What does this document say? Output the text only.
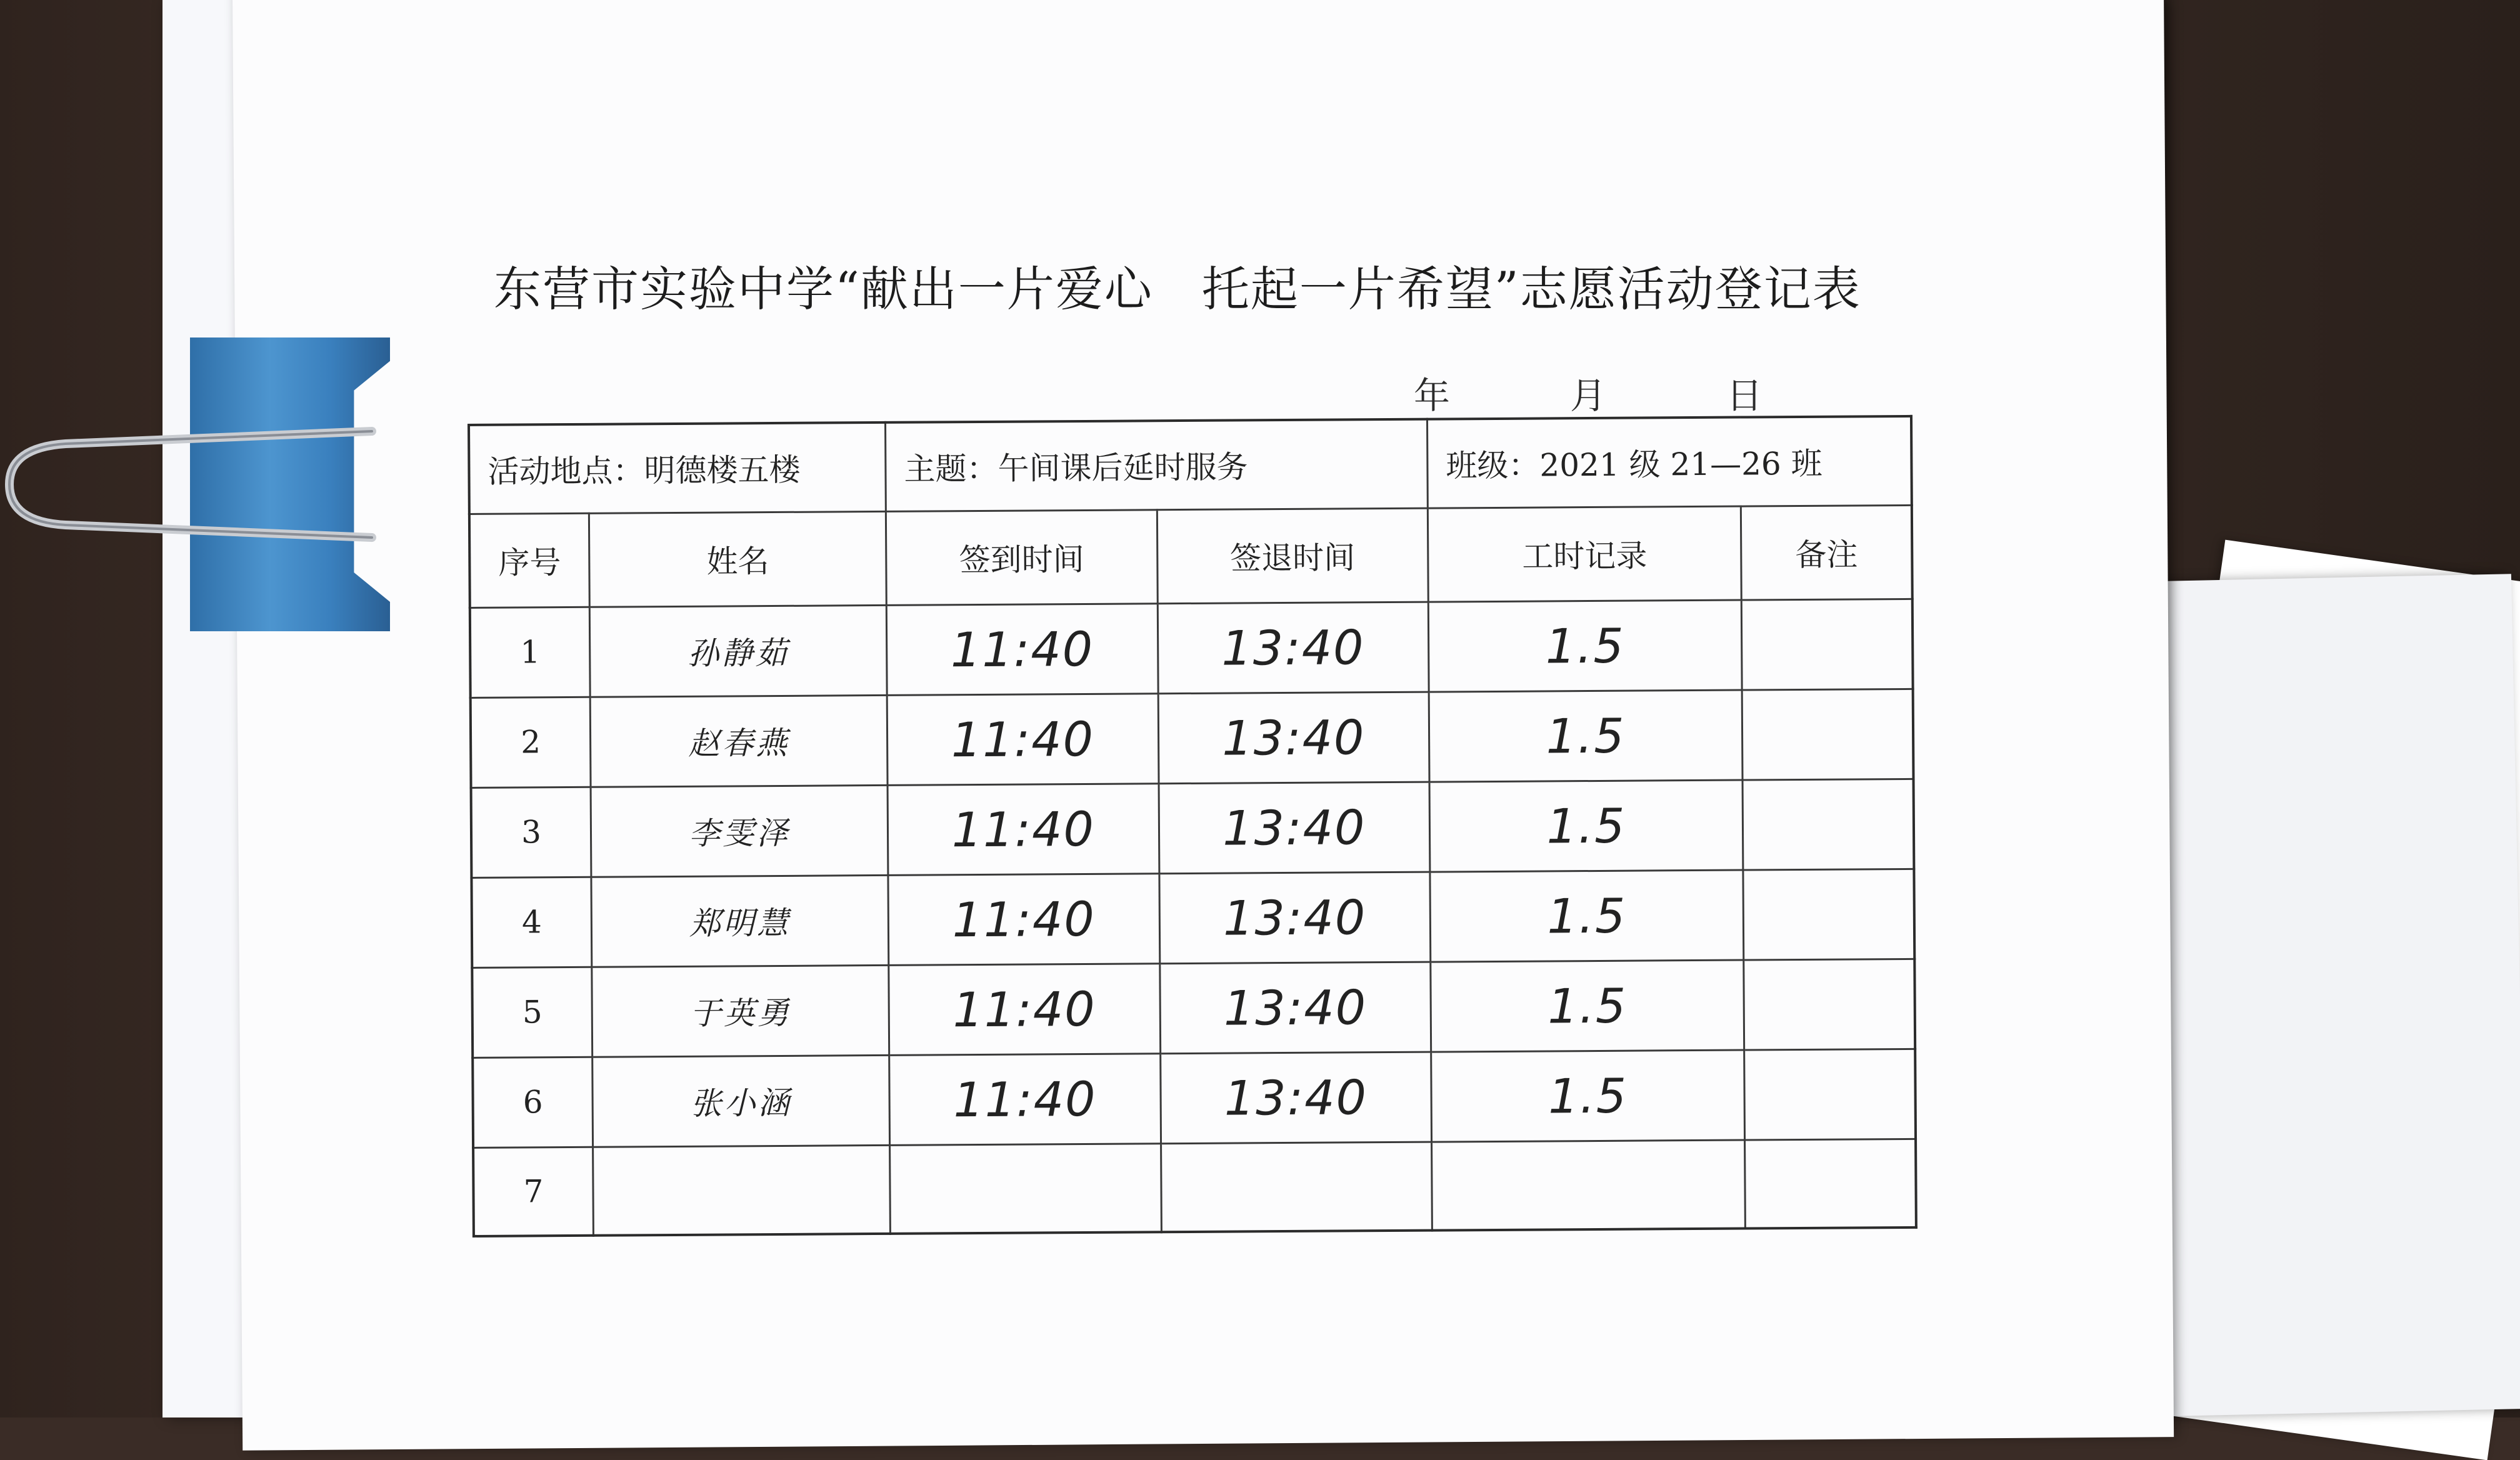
东营市实验中学“献出一片爱心　托起一片希望”志愿活动登记表
年	月	日
活动地点：明德楼五楼		主题：午间课后延时服务		班级：2021 级 21—26 班	
序号	姓名	签到时间	签退时间	工时记录	备注
1	孙静茹	11:40	13:40	1.5	
2	赵春燕	11:40	13:40	1.5	
3	李雯泽	11:40	13:40	1.5	
4	郑明慧	11:40	13:40	1.5	
5	于英勇	11:40	13:40	1.5	
6	张小涵	11:40	13:40	1.5	
7					
